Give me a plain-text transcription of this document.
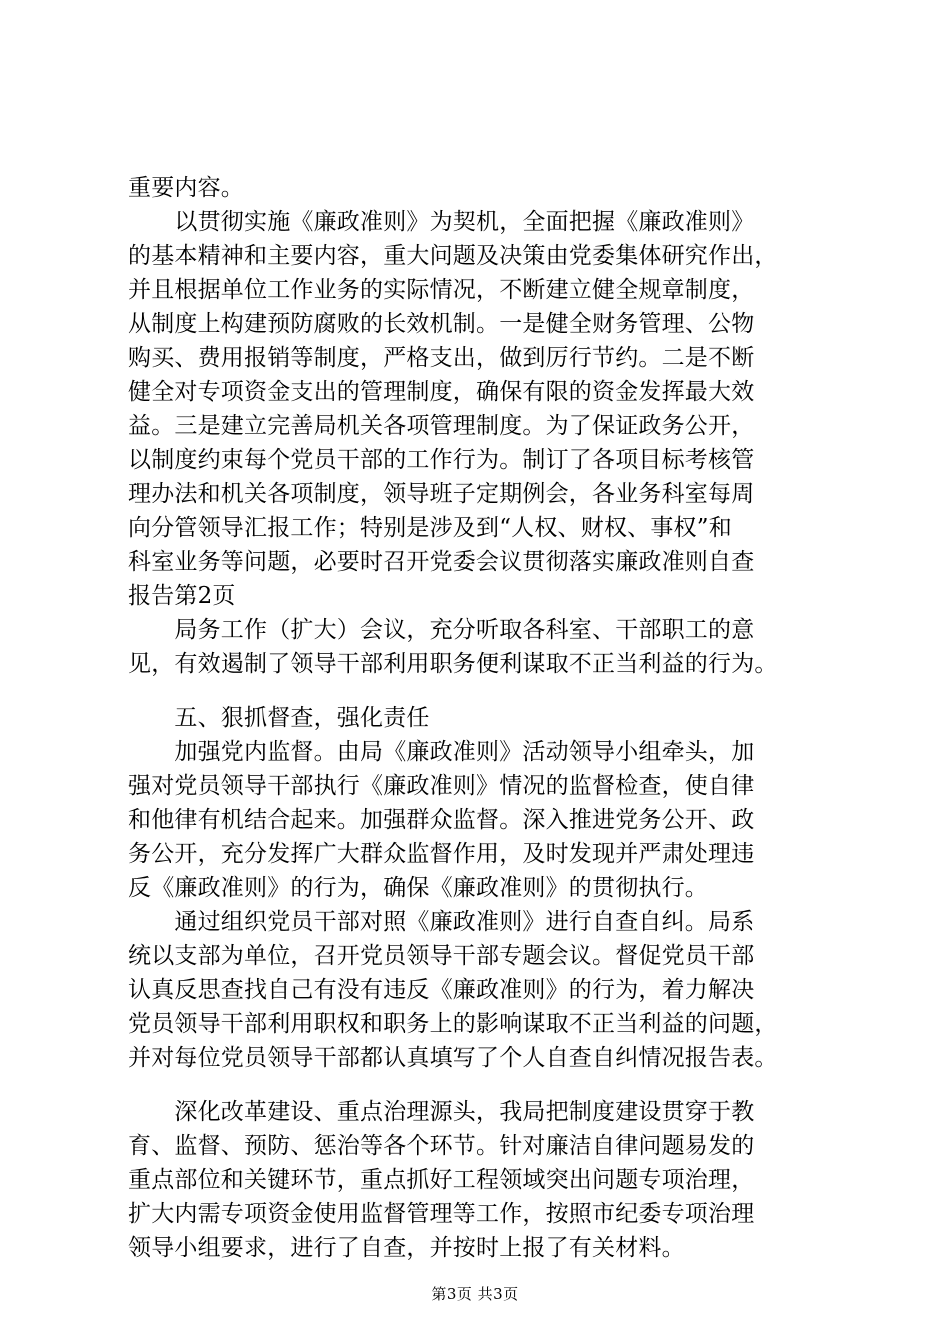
重要内容。
　　以贯彻实施《廉政准则》为契机，全面把握《廉政准则》
的基本精神和主要内容，重大问题及决策由党委集体研究作出，
并且根据单位工作业务的实际情况，不断建立健全规章制度，
从制度上构建预防腐败的长效机制。一是健全财务管理、公物
购买、费用报销等制度，严格支出，做到厉行节约。二是不断
健全对专项资金支出的管理制度，确保有限的资金发挥最大效
益。三是建立完善局机关各项管理制度。为了保证政务公开，
以制度约束每个党员干部的工作行为。制订了各项目标考核管
理办法和机关各项制度，领导班子定期例会，各业务科室每周
向分管领导汇报工作；特别是涉及到“人权、财权、事权”和
科室业务等问题，必要时召开党委会议贯彻落实廉政准则自查
报告第2页
　　局务工作（扩大）会议，充分听取各科室、干部职工的意
见，有效遏制了领导干部利用职务便利谋取不正当利益的行为。
　　五、狠抓督查，强化责任
　　加强党内监督。由局《廉政准则》活动领导小组牵头，加
强对党员领导干部执行《廉政准则》情况的监督检查，使自律
和他律有机结合起来。加强群众监督。深入推进党务公开、政
务公开，充分发挥广大群众监督作用，及时发现并严肃处理违
反《廉政准则》的行为，确保《廉政准则》的贯彻执行。
　　通过组织党员干部对照《廉政准则》进行自查自纠。局系
统以支部为单位，召开党员领导干部专题会议。督促党员干部
认真反思查找自己有没有违反《廉政准则》的行为，着力解决
党员领导干部利用职权和职务上的影响谋取不正当利益的问题，
并对每位党员领导干部都认真填写了个人自查自纠情况报告表。
　　深化改革建设、重点治理源头，我局把制度建设贯穿于教
育、监督、预防、惩治等各个环节。针对廉洁自律问题易发的
重点部位和关键环节，重点抓好工程领域突出问题专项治理，
扩大内需专项资金使用监督管理等工作，按照市纪委专项治理
第3页 共3页
领导小组要求，进行了自查，并按时上报了有关材料。
